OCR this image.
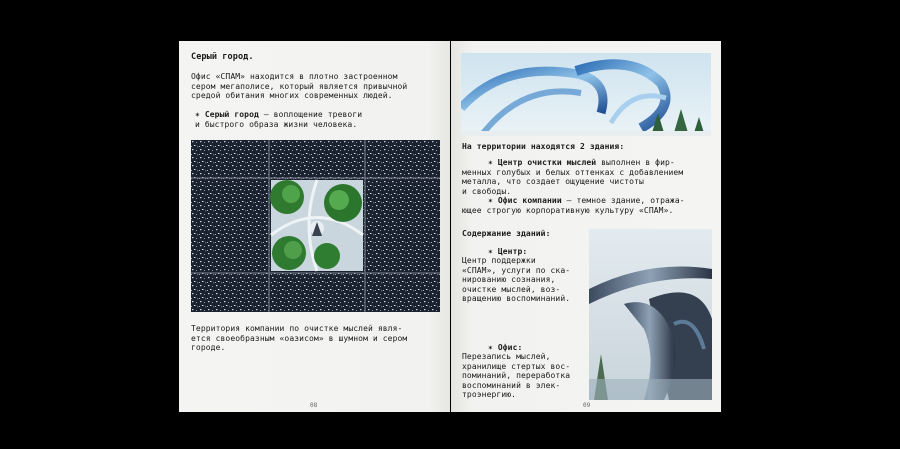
Серый город.
Офис «СПАМ» находится в плотно застроенном
сером мегаполисе, который является привычной
средой обитания многих современных людей.
✶ Серый город — воплощение тревоги
и быстрого образа жизни человека.
Территория компании по очистке мыслей явля-
ется своеобразным «оазисом» в шумном и сером
городе.
08
На территории находятся 2 здания:
✶ Центр очистки мыслей выполнен в фир-
менных голубых и белых оттенках с добавлением
металла, что создает ощущение чистоты
и свободы.
✶ Офис компании — темное здание, отража-
ющее строгую корпоративную культуру «СПАМ».
Содержание зданий:
✶ Центр:
Центр поддержки
«СПАМ», услуги по ска-
нированию сознания,
очистке мыслей, воз-
вращению воспоминаний.
✶ Офис:
Перезапись мыслей,
хранилище стертых вос-
поминаний, переработка
воспоминаний в элек-
троэнергию.
09
